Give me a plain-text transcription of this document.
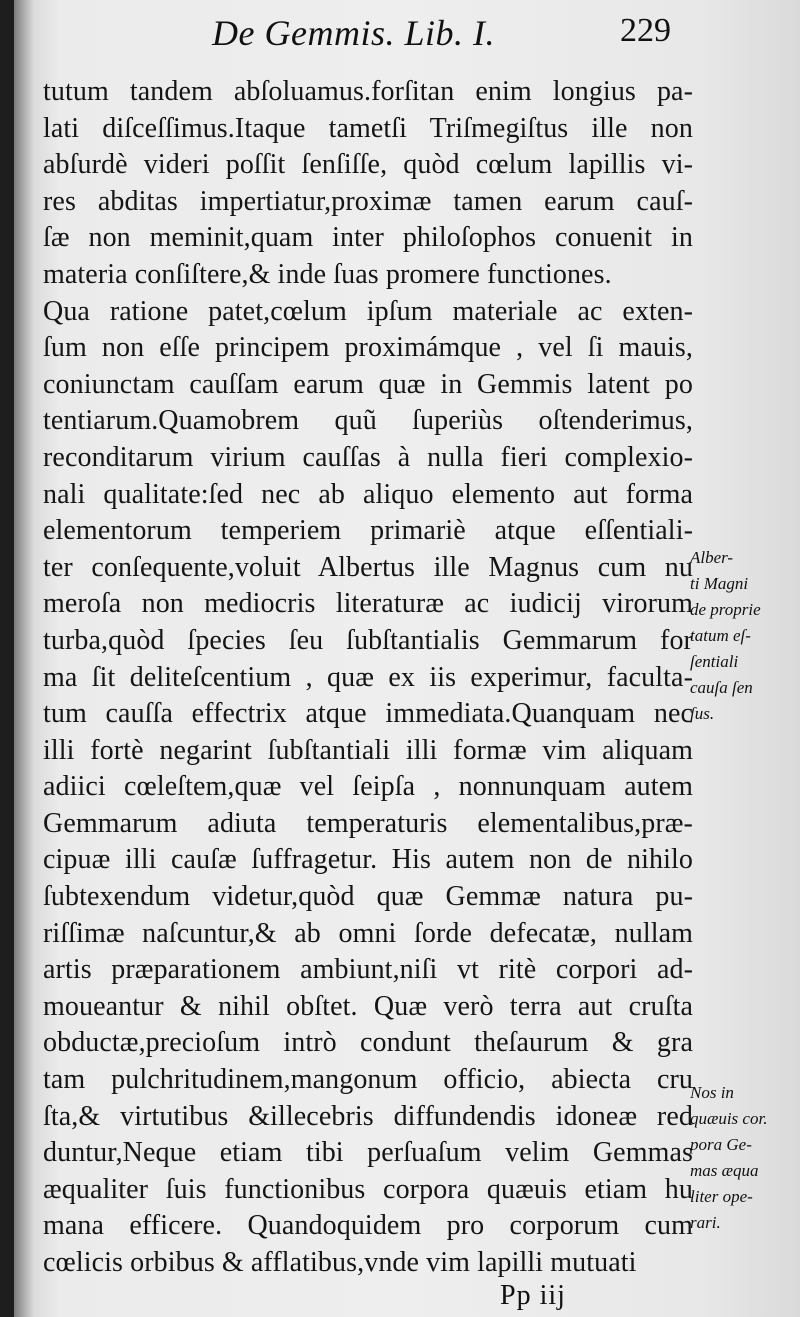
De Gemmis. Lib. I.	229
tutum tandem abſoluamus.forſitan enim longius pa-
lati diſceſſimus.Itaque tametſi Triſmegiſtus ille non
abſurdè videri poſſit ſenſiſſe, quòd cœlum lapillis vi-
res abditas impertiatur,proximæ tamen earum cauſ-
ſæ non meminit,quam inter philoſophos conuenit in
materia conſiſtere,& inde ſuas promere functiones.
Qua ratione patet,cœlum ipſum materiale ac exten-
ſum non eſſe principem proximámque , vel ſi mauis,
coniunctam cauſſam earum quæ in Gemmis latent po
tentiarum.Quamobrem quũ ſuperiùs oſtenderimus,
reconditarum virium cauſſas à nulla fieri complexio-
nali qualitate:ſed nec ab aliquo elemento aut forma
elementorum temperiem primariè atque eſſentiali-
ter conſequente,voluit Albertus ille Magnus cum nu
meroſa non mediocris literaturæ ac iudicij virorum
turba,quòd ſpecies ſeu ſubſtantialis Gemmarum for
ma ſit deliteſcentium , quæ ex iis experimur, faculta-
tum cauſſa effectrix atque immediata.Quanquam nec
illi fortè negarint ſubſtantiali illi formæ vim aliquam
adiici cœleſtem,quæ vel ſeipſa , nonnunquam autem
Gemmarum adiuta temperaturis elementalibus,præ-
cipuæ illi cauſæ ſuffragetur. His autem non de nihilo
ſubtexendum videtur,quòd quæ Gemmæ natura pu-
riſſimæ naſcuntur,& ab omni ſorde defecatæ, nullam
artis præparationem ambiunt,niſi vt ritè corpori ad-
moueantur & nihil obſtet. Quæ verò terra aut cruſta
obductæ,precioſum intrò condunt theſaurum & gra
tam pulchritudinem,mangonum officio, abiecta cru
ſta,& virtutibus &illecebris diffundendis idoneæ red
duntur,Neque etiam tibi perſuaſum velim Gemmas
æqualiter ſuis functionibus corpora quæuis etiam hu
mana efficere. Quandoquidem pro corporum cum
cœlicis orbibus & afflatibus,vnde vim lapilli mutuati
Alber-
ti Magni
de proprie
tatum eſ-
ſentiali
cauſa ſen
ſus.
Nos in
quæuis cor.
pora Ge-
mas æqua
liter ope-
rari.
Pp iij
